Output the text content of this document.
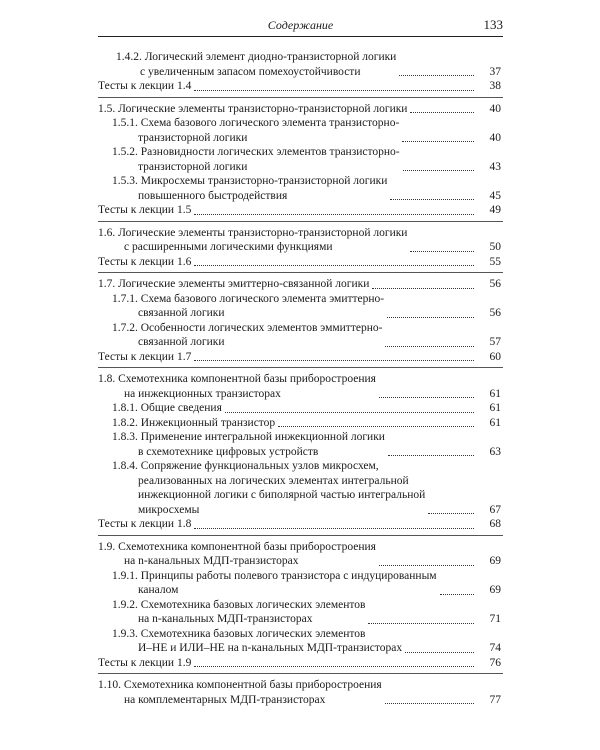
Содержание	133
1.4.2. Логический элемент диодно-транзисторной логики
с увеличенным запасом помехоустойчивости	37
Тесты к лекции 1.4	38
1.5. Логические элементы транзисторно-транзисторной логики	40
1.5.1. Схема базового логического элемента транзисторно-
транзисторной логики	40
1.5.2. Разновидности логических элементов транзисторно-
транзисторной логики	43
1.5.3. Микросхемы транзисторно-транзисторной логики
повышенного быстродействия	45
Тесты к лекции 1.5	49
1.6. Логические элементы транзисторно-транзисторной логики
с расширенными логическими функциями	50
Тесты к лекции 1.6	55
1.7. Логические элементы эмиттерно-связанной логики	56
1.7.1. Схема базового логического элемента эмиттерно-
связанной логики	56
1.7.2. Особенности логических элементов эммиттерно-
связанной логики	57
Тесты к лекции 1.7	60
1.8. Схемотехника компонентной базы приборостроения
на инжекционных транзисторах	61
1.8.1. Общие сведения	61
1.8.2. Инжекционный транзистор	61
1.8.3. Применение интегральной инжекционной логики
в схемотехнике цифровых устройств	63
1.8.4. Сопряжение функциональных узлов микросхем,
реализованных на логических элементах интегральной
инжекционной логики с биполярной частью интегральной
микросхемы	67
Тесты к лекции 1.8	68
1.9. Схемотехника компонентной базы приборостроения
на n-канальных МДП-транзисторах	69
1.9.1. Принципы работы полевого транзистора с индуцированным
каналом	69
1.9.2. Схемотехника базовых логических элементов
на n-канальных МДП-транзисторах	71
1.9.3. Схемотехника базовых логических элементов
И–НЕ и ИЛИ–НЕ на n-канальных МДП-транзисторах	74
Тесты к лекции 1.9	76
1.10. Схемотехника компонентной базы приборостроения
на комплементарных МДП-транзисторах	77
